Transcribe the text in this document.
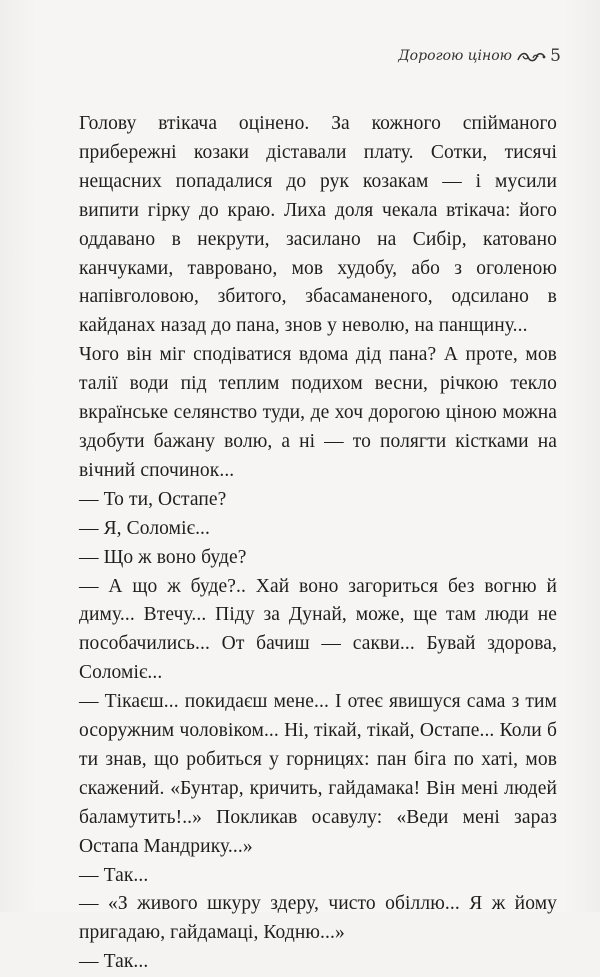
Дорогою ціною 5

Голову втікача оцінено. За кожного спійманого прибережні козаки діставали плату. Сотки, тисячі нещасних попадалися до рук козакам — і мусили випити гірку до краю. Лиха доля чекала втікача: його оддавано в некрути, засилано на Сибір, катовано канчуками, тавровано, мов худобу, або з оголеною напівголовою, збитого, збасаманеного, одсилано в кайданах назад до пана, знов у неволю, на панщину...

Чого він міг сподіватися вдома дід пана? А проте, мов талії води під теплим подихом весни, річкою текло вкраїнське селянство туди, де хоч дорогою ціною можна здобути бажану волю, а ні — то полягти кістками на вічний спочинок...

— То ти, Остапе?

— Я, Соломіє...

— Що ж воно буде?

— А що ж буде?.. Хай воно загориться без вогню й диму... Втечу... Піду за Дунай, може, ще там люди не пособачились... От бачиш — сакви... Бувай здорова, Соломіє...

— Тікаєш... покидаєш мене... І отеє явишуся сама з тим осоружним чоловіком... Ні, тікай, тікай, Остапе... Коли б ти знав, що робиться у горницях: пан біга по хаті, мов скажений. «Бунтар, кричить, гайдамака! Він мені людей баламутить!..» Покликав осавулу: «Веди мені зараз Остапа Мандрику...»

— Так...

— «З живого шкуру здеру, чисто обіллю... Я ж йому пригадаю, гайдамаці, Кодню...»

— Так...
